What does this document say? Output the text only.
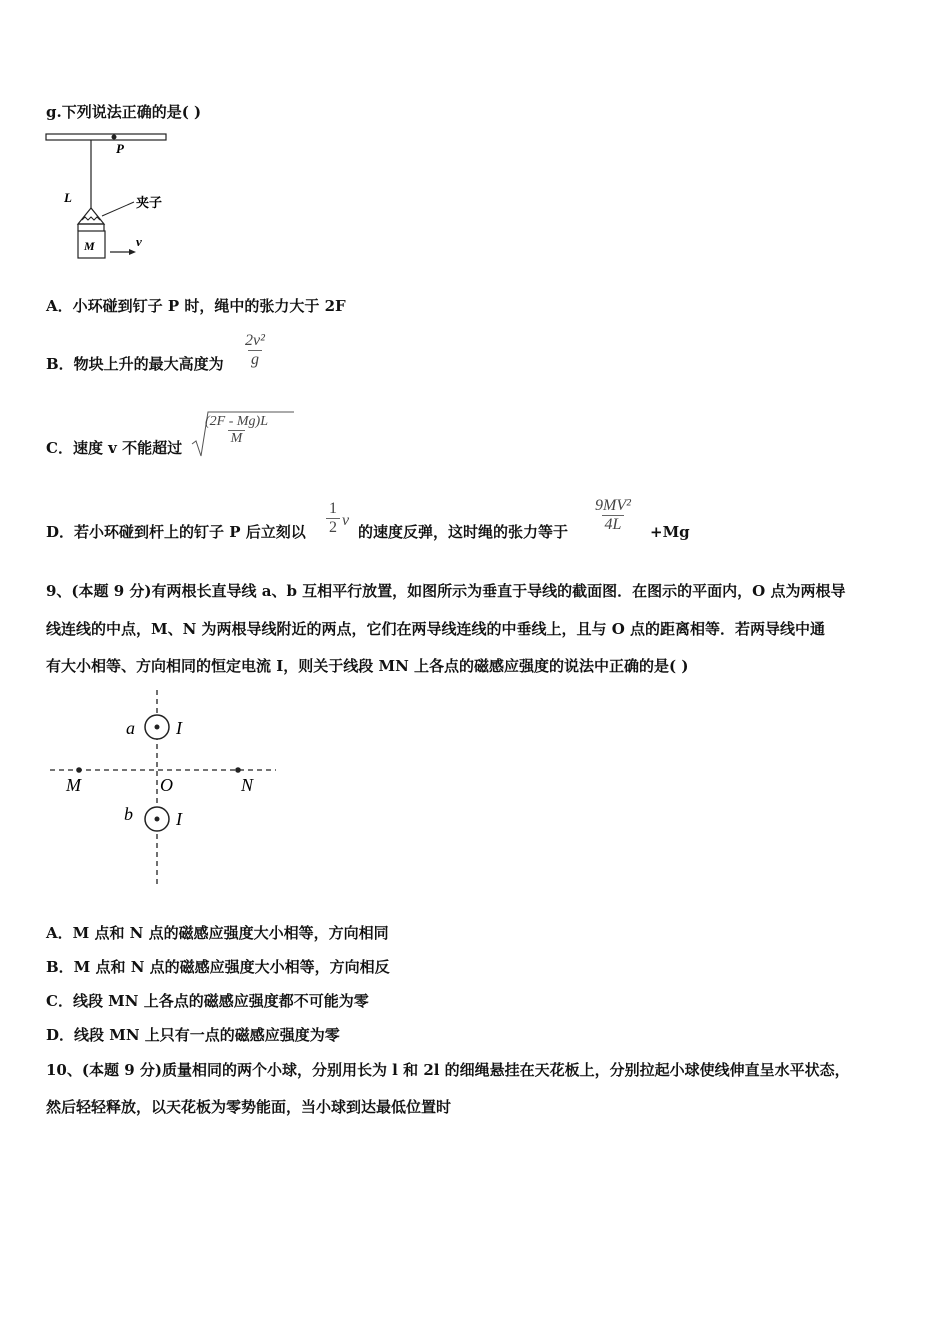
g.下列说法正确的是( )
P
L	夹子
M	v
A．小环碰到钉子 P 时，绳中的张力大于 2F
B．物块上升的最大高度为 $\frac{\text{2v²}}{g}$
C．速度 v 不能超过
$\frac{(2F - Mg)L}{M}$
D．若小环碰到杆上的钉子 P 后立刻以 $\frac{1}{2}$ v
的速度反弹，这时绳的张力等于 $\frac{\text{9MV²}}{4L} +Mg$
9、(本题 9 分)有两根长直导线 a、b 互相平行放置，如图所示为垂直于导线的截面图．在图示的平面内，O 点为两根导
线连线的中点，M、N 为两根导线附近的两点，它们在两导线连线的中垂线上，且与 O 点的距离相等．若两导线中通
有大小相等、方向相同的恒定电流 I，则关于线段 MN 上各点的磁感应强度的说法中正确的是( )
a I
b I
M	O	N
A．M 点和 N 点的磁感应强度大小相等，方向相同
B．M 点和 N 点的磁感应强度大小相等，方向相反
C．线段 MN 上各点的磁感应强度都不可能为零
D．线段 MN 上只有一点的磁感应强度为零
10、(本题 9 分)质量相同的两个小球，分别用长为 l 和 2l 的细绳悬挂在天花板上，分别拉起小球使线伸直呈水平状态，
然后轻轻释放，以天花板为零势能面，当小球到达最低位置时
